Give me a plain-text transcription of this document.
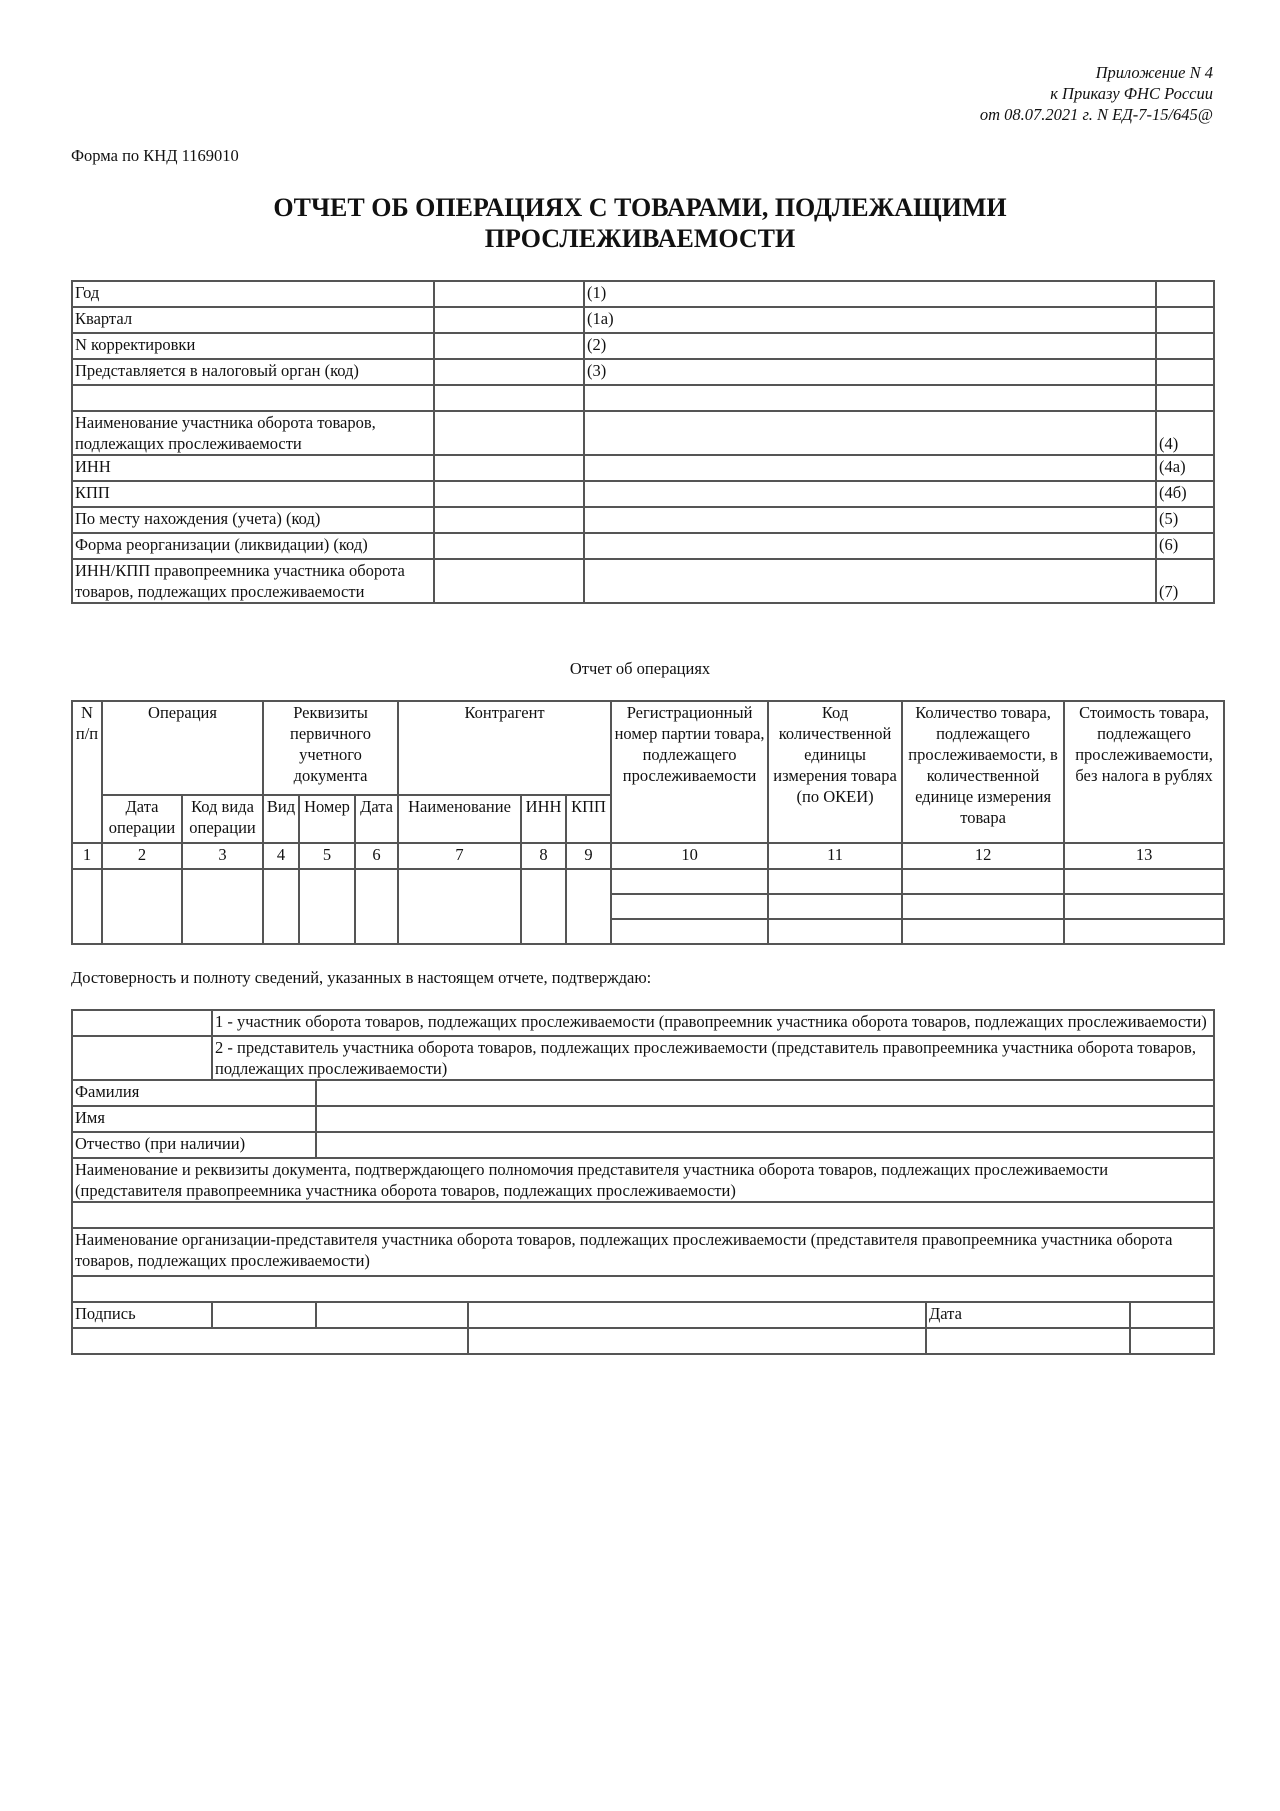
Приложение N 4
к Приказу ФНС России
от 08.07.2021 г. N ЕД-7-15/645@
Форма по КНД 1169010
ОТЧЕТ ОБ ОПЕРАЦИЯХ С ТОВАРАМИ, ПОДЛЕЖАЩИМИ
ПРОСЛЕЖИВАЕМОСТИ
Год		(1)	
Квартал		(1а)	
N корректировки		(2)	
Представляется в налоговый орган (код)		(3)	

Наименование участника оборота товаров, подлежащих прослеживаемости			(4)
ИНН			(4а)
КПП			(4б)
По месту нахождения (учета) (код)			(5)
Форма реорганизации (ликвидации) (код)			(6)
ИНН/КПП правопреемника участника оборота товаров, подлежащих прослеживаемости			(7)
Отчет об операциях
N п/п	Операция		Реквизиты первичного учетного документа			Контрагент			Регистрационный номер партии товара, подлежащего прослеживаемости	Код количественной единицы измерения товара (по ОКЕИ)	Количество товара, подлежащего прослеживаемости, в количественной единице измерения товара	Стоимость товара, подлежащего прослеживаемости, без налога в рублях
	Дата операции	Код вида операции	Вид	Номер	Дата	Наименование	ИНН	КПП				
1	2	3	4	5	6	7	8	9	10	11	12	13

Достоверность и полноту сведений, указанных в настоящем отчете, подтверждаю:
	1 - участник оборота товаров, подлежащих прослеживаемости (правопреемник участника оборота товаров, подлежащих прослеживаемости)				
	2 - представитель участника оборота товаров, подлежащих прослеживаемости (представитель правопреемника участника оборота товаров, подлежащих прослеживаемости)				
Фамилия					
Имя					
Отчество (при наличии)					
Наименование и реквизиты документа, подтверждающего полномочия представителя участника оборота товаров, подлежащих прослеживаемости (представителя правопреемника участника оборота товаров, подлежащих прослеживаемости)					

Наименование организации-представителя участника оборота товаров, подлежащих прослеживаемости (представителя правопреемника участника оборота товаров, подлежащих прослеживаемости)					

Подпись				Дата	
